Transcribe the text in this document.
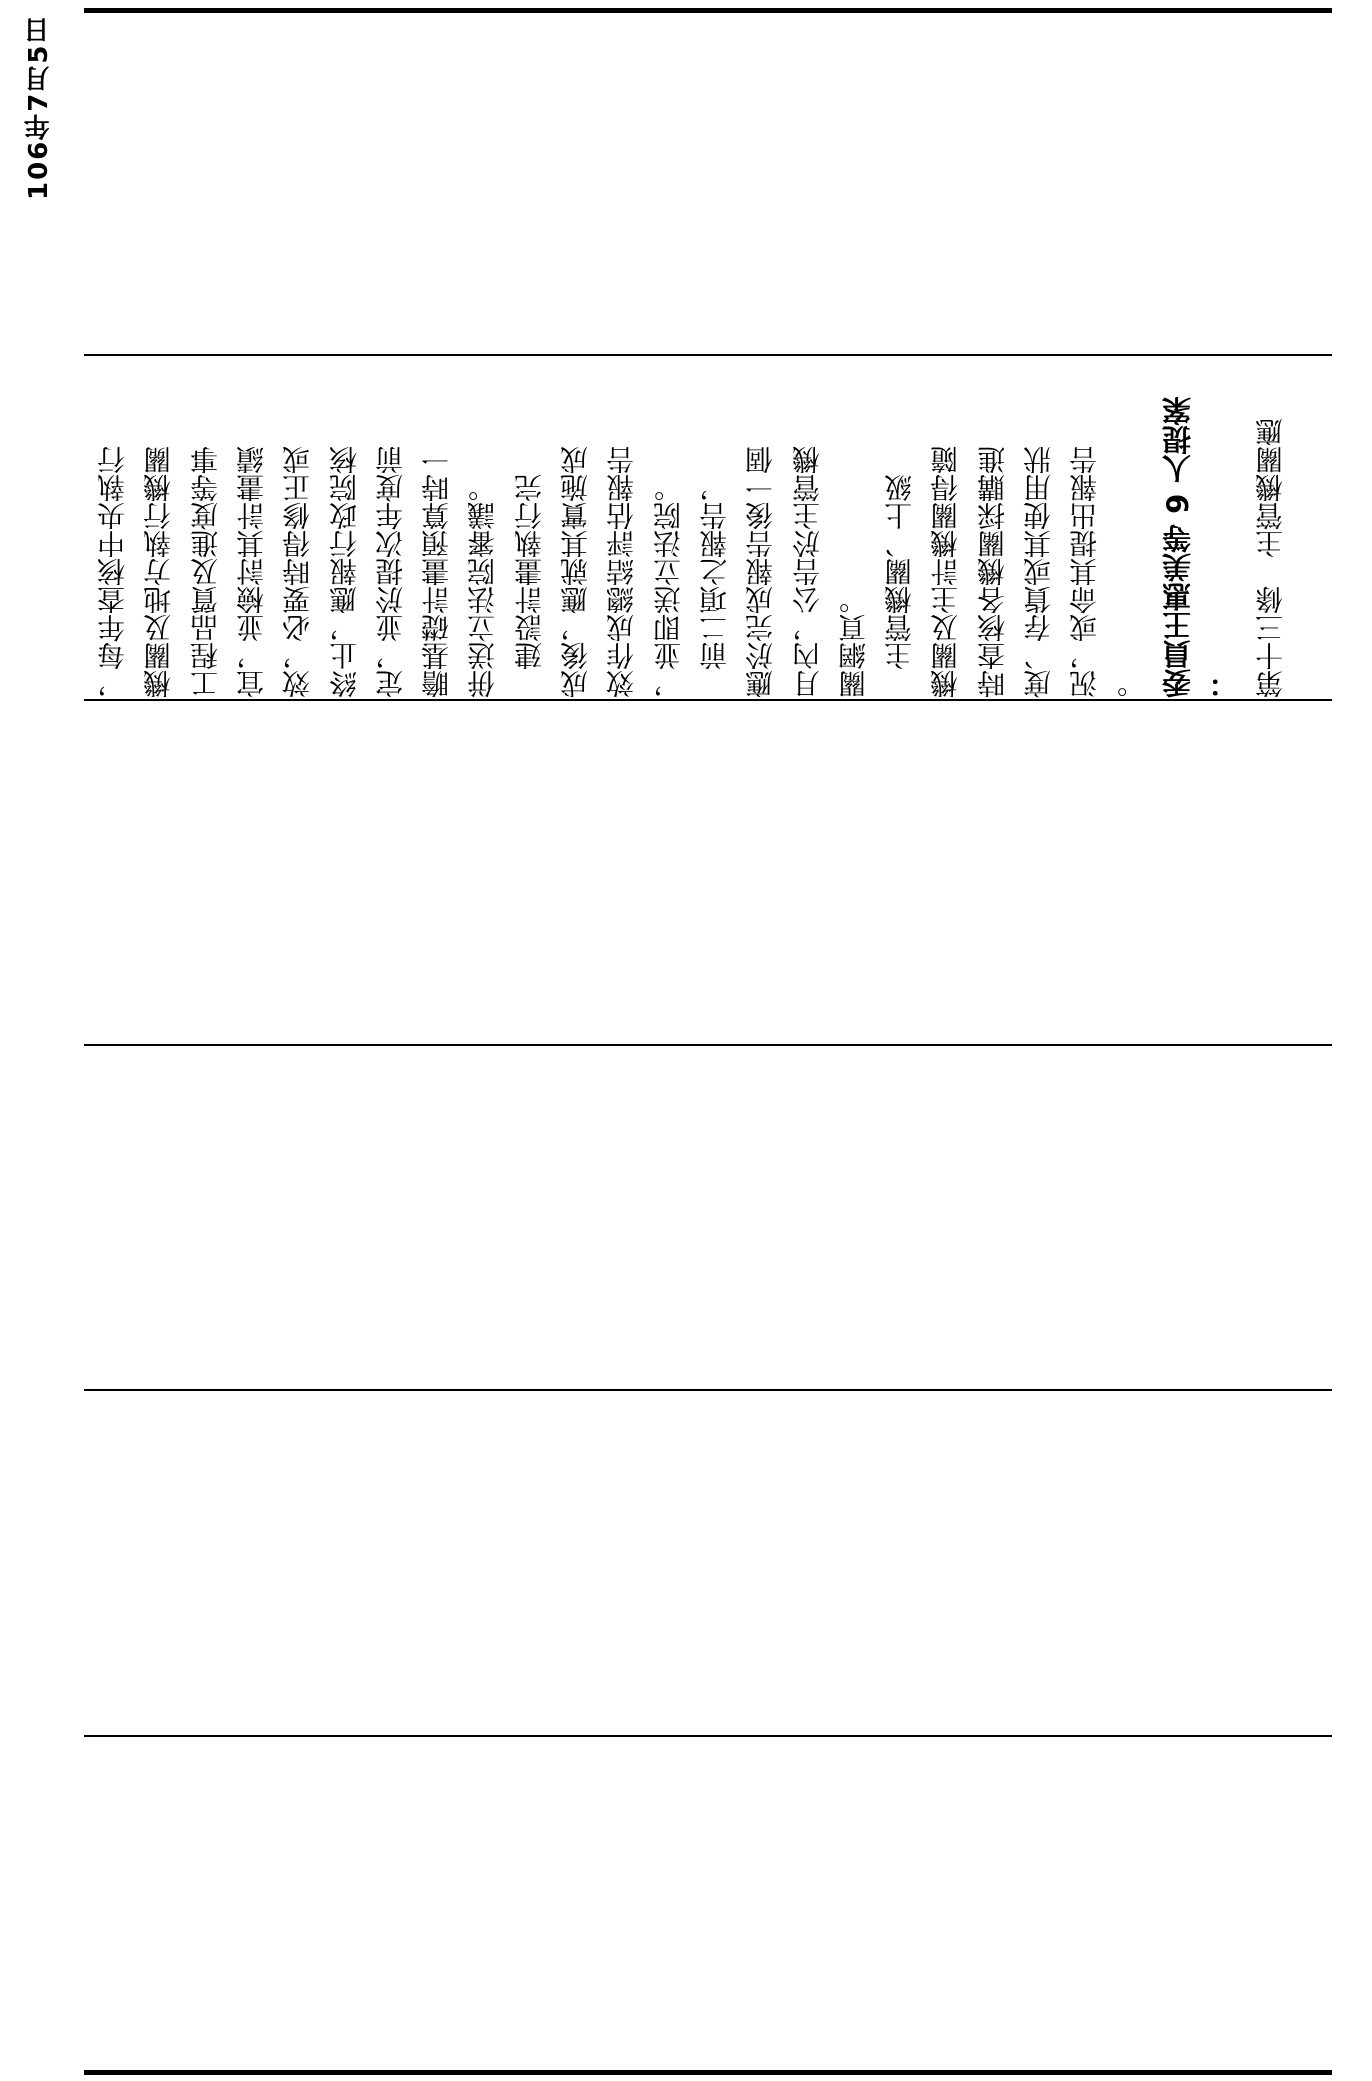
106年7月5日
，每年查核中央執行 機關及地方執行機關 工程品質及進度等事 宜，並檢討其計畫績 效，必要時得修正或 終止，應報行政院核 定，並於提次年度前 瞻基礎計畫預算時一 併送立法院審議。 　建設計畫執行完 成後，應就其實施成 效作成總結評估報告 ，並即送立法院。 　前二項之報告， 應於完成報告後一個 月內，公告於主管機 關網頁。 　主管機關、上級 機關及主計機關得隨 時查核各機關採購進 度、存貨或其使用狀 況，或命其提出報告 。 委員王惠美等 9 人提案 ： 第十三條　主管機關應
